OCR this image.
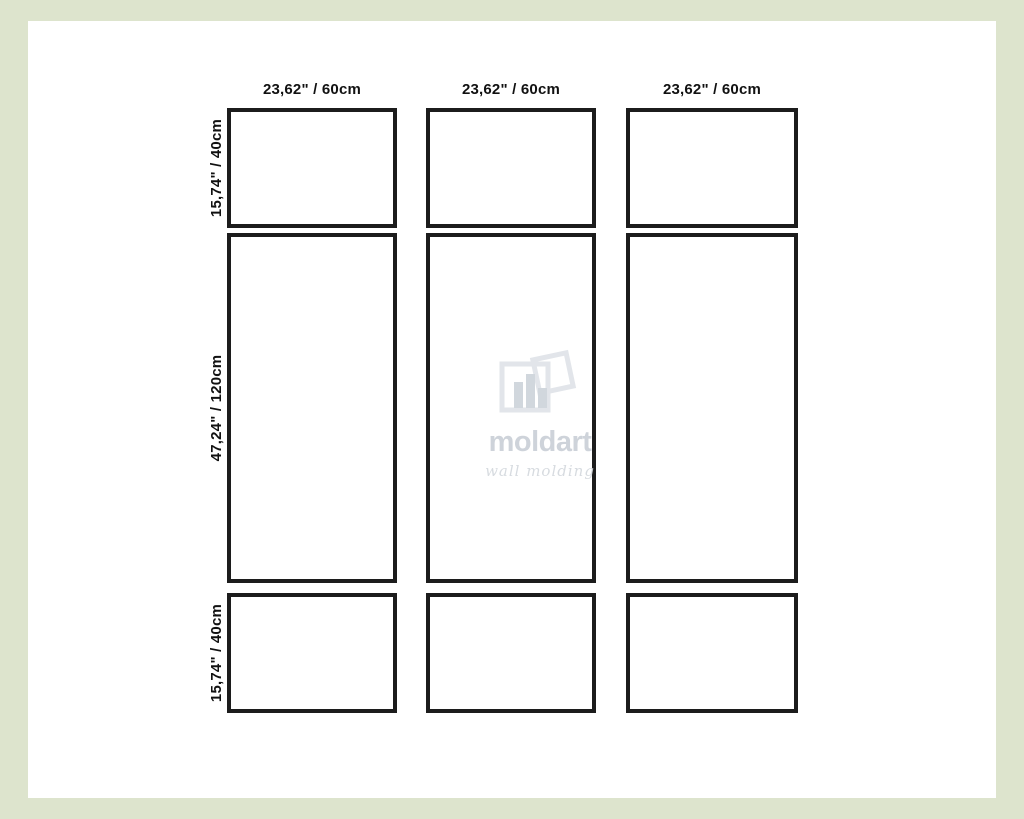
23,62" / 60cm	23,62" / 60cm	23,62" / 60cm
15,74" / 40cm
47,24" / 120cm
15,74" / 40cm
moldart
wall molding
